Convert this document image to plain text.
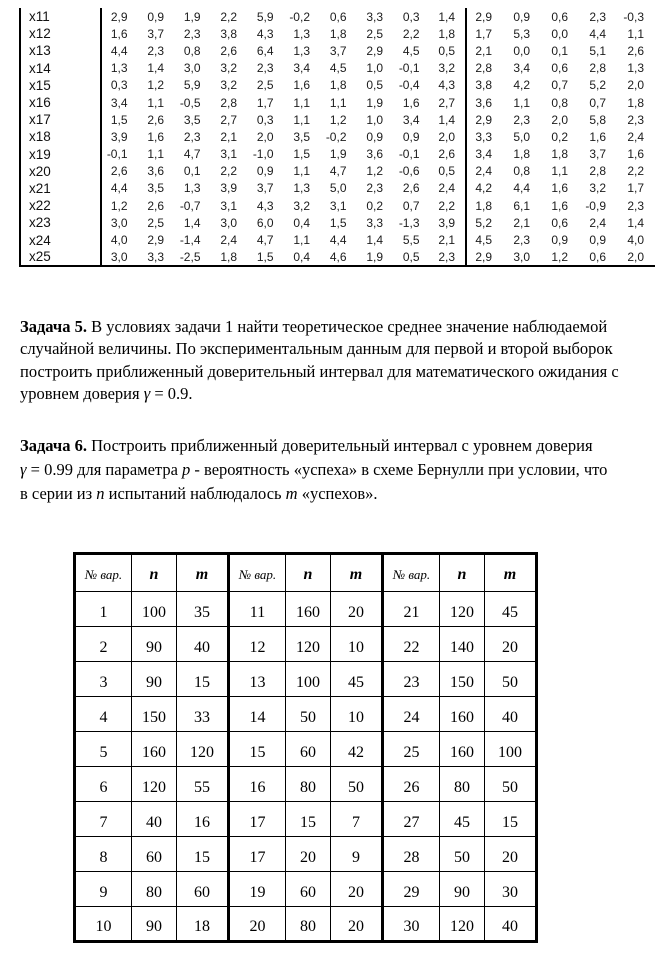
x11	2,9	0,9	1,9	2,2	5,9	-0,2	0,6	3,3	0,3	1,4	2,9	0,9	0,6	2,3	-0,3
x12	1,6	3,7	2,3	3,8	4,3	1,3	1,8	2,5	2,2	1,8	1,7	5,3	0,0	4,4	1,1
x13	4,4	2,3	0,8	2,6	6,4	1,3	3,7	2,9	4,5	0,5	2,1	0,0	0,1	5,1	2,6
x14	1,3	1,4	3,0	3,2	2,3	3,4	4,5	1,0	-0,1	3,2	2,8	3,4	0,6	2,8	1,3
x15	0,3	1,2	5,9	3,2	2,5	1,6	1,8	0,5	-0,4	4,3	3,8	4,2	0,7	5,2	2,0
x16	3,4	1,1	-0,5	2,8	1,7	1,1	1,1	1,9	1,6	2,7	3,6	1,1	0,8	0,7	1,8
x17	1,5	2,6	3,5	2,7	0,3	1,1	1,2	1,0	3,4	1,4	2,9	2,3	2,0	5,8	2,3
x18	3,9	1,6	2,3	2,1	2,0	3,5	-0,2	0,9	0,9	2,0	3,3	5,0	0,2	1,6	2,4
x19	-0,1	1,1	4,7	3,1	-1,0	1,5	1,9	3,6	-0,1	2,6	3,4	1,8	1,8	3,7	1,6
x20	2,6	3,6	0,1	2,2	0,9	1,1	4,7	1,2	-0,6	0,5	2,4	0,8	1,1	2,8	2,2
x21	4,4	3,5	1,3	3,9	3,7	1,3	5,0	2,3	2,6	2,4	4,2	4,4	1,6	3,2	1,7
x22	1,2	2,6	-0,7	3,1	4,3	3,2	3,1	0,2	0,7	2,2	1,8	6,1	1,6	-0,9	2,3
x23	3,0	2,5	1,4	3,0	6,0	0,4	1,5	3,3	-1,3	3,9	5,2	2,1	0,6	2,4	1,4
x24	4,0	2,9	-1,4	2,4	4,7	1,1	4,4	1,4	5,5	2,1	4,5	2,3	0,9	0,9	4,0
x25	3,0	3,3	-2,5	1,8	1,5	0,4	4,6	1,9	0,5	2,3	2,9	3,0	1,2	0,6	2,0
Задача 5. В условиях задачи 1 найти теоретическое среднее значение наблюдаемой
случайной величины. По экспериментальным данным для первой и второй выборок
построить приближенный доверительный интервал для математического ожидания с
уровнем доверия γ = 0.9.
Задача 6. Построить приближенный доверительный интервал с уровнем доверия
γ = 0.99 для параметра p - вероятность «успеха» в схеме Бернулли при условии, что
в серии из n испытаний наблюдалось m «успехов».
№ вар.	n	m	№ вар.	n	m	№ вар.	n	m
1	100	35	11	160	20	21	120	45
2	90	40	12	120	10	22	140	20
3	90	15	13	100	45	23	150	50
4	150	33	14	50	10	24	160	40
5	160	120	15	60	42	25	160	100
6	120	55	16	80	50	26	80	50
7	40	16	17	15	7	27	45	15
8	60	15	17	20	9	28	50	20
9	80	60	19	60	20	29	90	30
10	90	18	20	80	20	30	120	40
